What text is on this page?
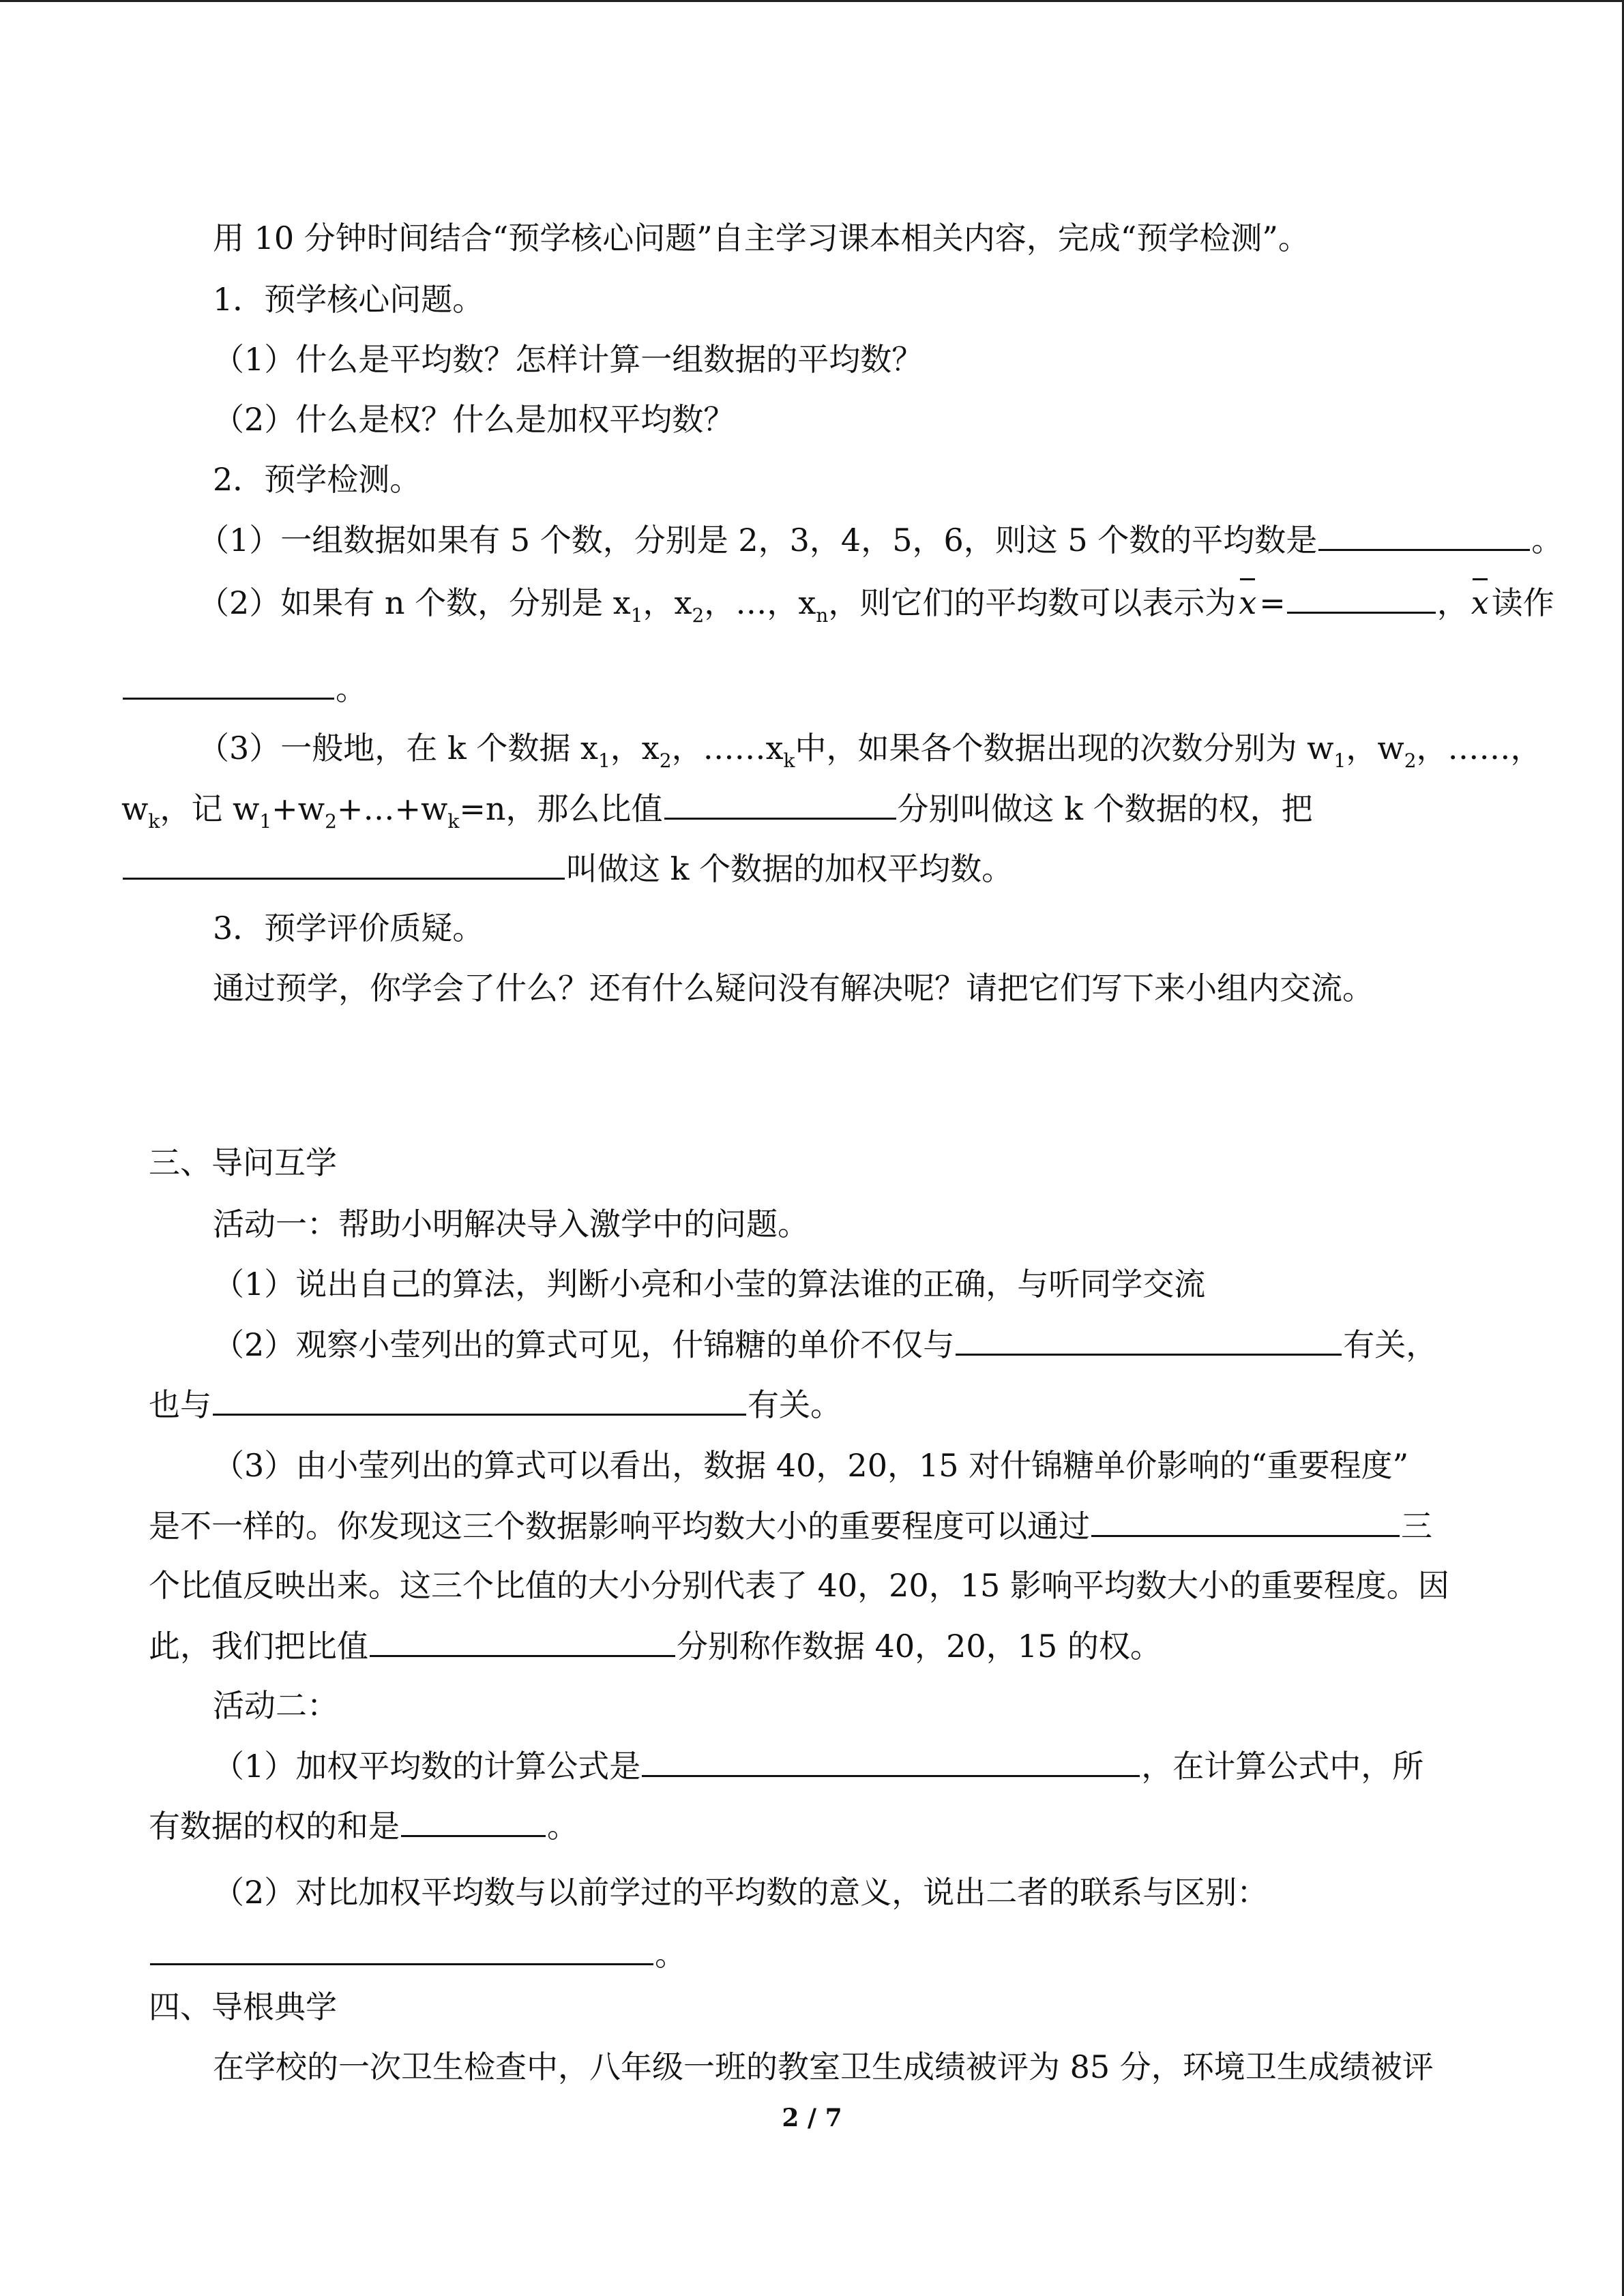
用 10 分钟时间结合“预学核心问题”自主学习课本相关内容，完成“预学检测”。
1．预学核心问题。
（1）什么是平均数？怎样计算一组数据的平均数？
（2）什么是权？什么是加权平均数？
2．预学检测。
（1）一组数据如果有 5 个数，分别是 2，3，4，5，6，则这 5 个数的平均数是	。
（2）如果有 n 个数，分别是 $x_1$，$x_2$，…，$x_n$，则它们的平均数可以表示为x=	，x读作
。
（3）一般地，在 k 个数据 $x_1$，$x_2$，$\dots\dots x_k$中，如果各个数据出现的次数分别为 $w_1$，$w_2$，……，
$w_k$，记 $w_1+w_2+\dots+w_k=n$，那么比值	分别叫做这 k 个数据的权，把
叫做这 k 个数据的加权平均数。
3．预学评价质疑。
通过预学，你学会了什么？还有什么疑问没有解决呢？请把它们写下来小组内交流。
三、导问互学
活动一：帮助小明解决导入激学中的问题。
（1）说出自己的算法，判断小亮和小莹的算法谁的正确，与听同学交流
（2）观察小莹列出的算式可见，什锦糖的单价不仅与	有关，
也与	有关。
（3）由小莹列出的算式可以看出，数据 40，20，15 对什锦糖单价影响的“重要程度”
是不一样的。你发现这三个数据影响平均数大小的重要程度可以通过	三
个比值反映出来。这三个比值的大小分别代表了 40，20，15 影响平均数大小的重要程度。因
此，我们把比值	分别称作数据 40，20，15 的权。
活动二：
（1）加权平均数的计算公式是	，在计算公式中，所
有数据的权的和是	。
（2）对比加权平均数与以前学过的平均数的意义，说出二者的联系与区别：
。
四、导根典学
在学校的一次卫生检查中，八年级一班的教室卫生成绩被评为 85 分，环境卫生成绩被评
2 / 7
